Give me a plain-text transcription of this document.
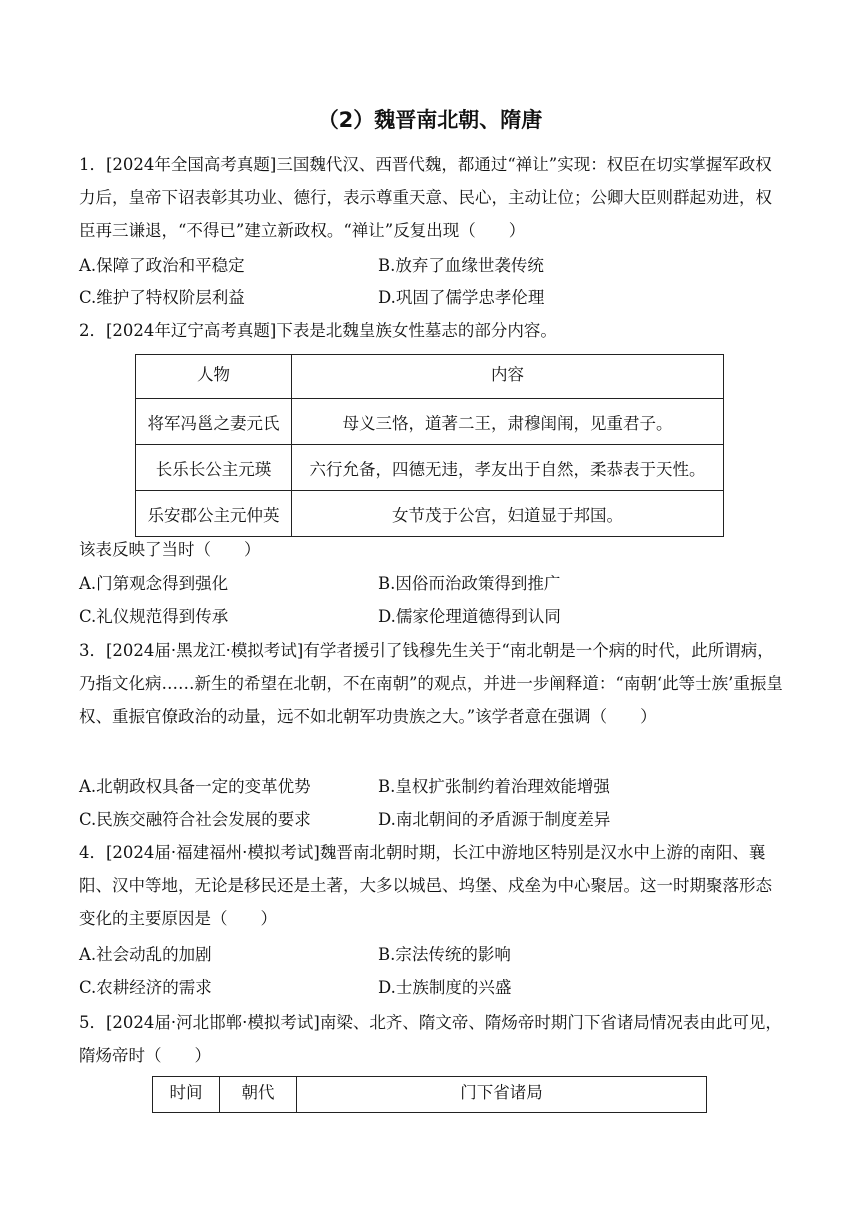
（2）魏晋南北朝、隋唐
1．[2024年全国高考真题]三国魏代汉、西晋代魏，都通过“禅让”实现：权臣在切实掌握军政权力后，皇帝下诏表彰其功业、德行，表示尊重天意、民心，主动让位；公卿大臣则群起劝进，权臣再三谦退，“不得已”建立新政权。“禅让”反复出现（　　）
A.保障了政治和平稳定	B.放弃了血缘世袭传统
C.维护了特权阶层利益	D.巩固了儒学忠孝伦理
2．[2024年辽宁高考真题]下表是北魏皇族女性墓志的部分内容。
人物	内容
将军冯邕之妻元氏	母义三恪，道著二王，肃穆闺闱，见重君子。
长乐长公主元瑛	六行允备，四德无违，孝友出于自然，柔恭表于天性。
乐安郡公主元仲英	女节茂于公宫，妇道显于邦国。
该表反映了当时（　　）
A.门第观念得到强化	B.因俗而治政策得到推广
C.礼仪规范得到传承	D.儒家伦理道德得到认同
3．[2024届·黑龙江·模拟考试]有学者援引了钱穆先生关于“南北朝是一个病的时代，此所谓病，乃指文化病……新生的希望在北朝，不在南朝”的观点，并进一步阐释道：“南朝‘此等士族’重振皇权、重振官僚政治的动量，远不如北朝军功贵族之大。”该学者意在强调（　　）
A.北朝政权具备一定的变革优势	B.皇权扩张制约着治理效能增强
C.民族交融符合社会发展的要求	D.南北朝间的矛盾源于制度差异
4．[2024届·福建福州·模拟考试]魏晋南北朝时期，长江中游地区特别是汉水中上游的南阳、襄阳、汉中等地，无论是移民还是土著，大多以城邑、坞堡、戍垒为中心聚居。这一时期聚落形态变化的主要原因是（　　）
A.社会动乱的加剧	B.宗法传统的影响
C.农耕经济的需求	D.士族制度的兴盛
5．[2024届·河北邯郸·模拟考试]南梁、北齐、隋文帝、隋炀帝时期门下省诸局情况表由此可见，隋炀帝时（　　）
时间	朝代	门下省诸局
